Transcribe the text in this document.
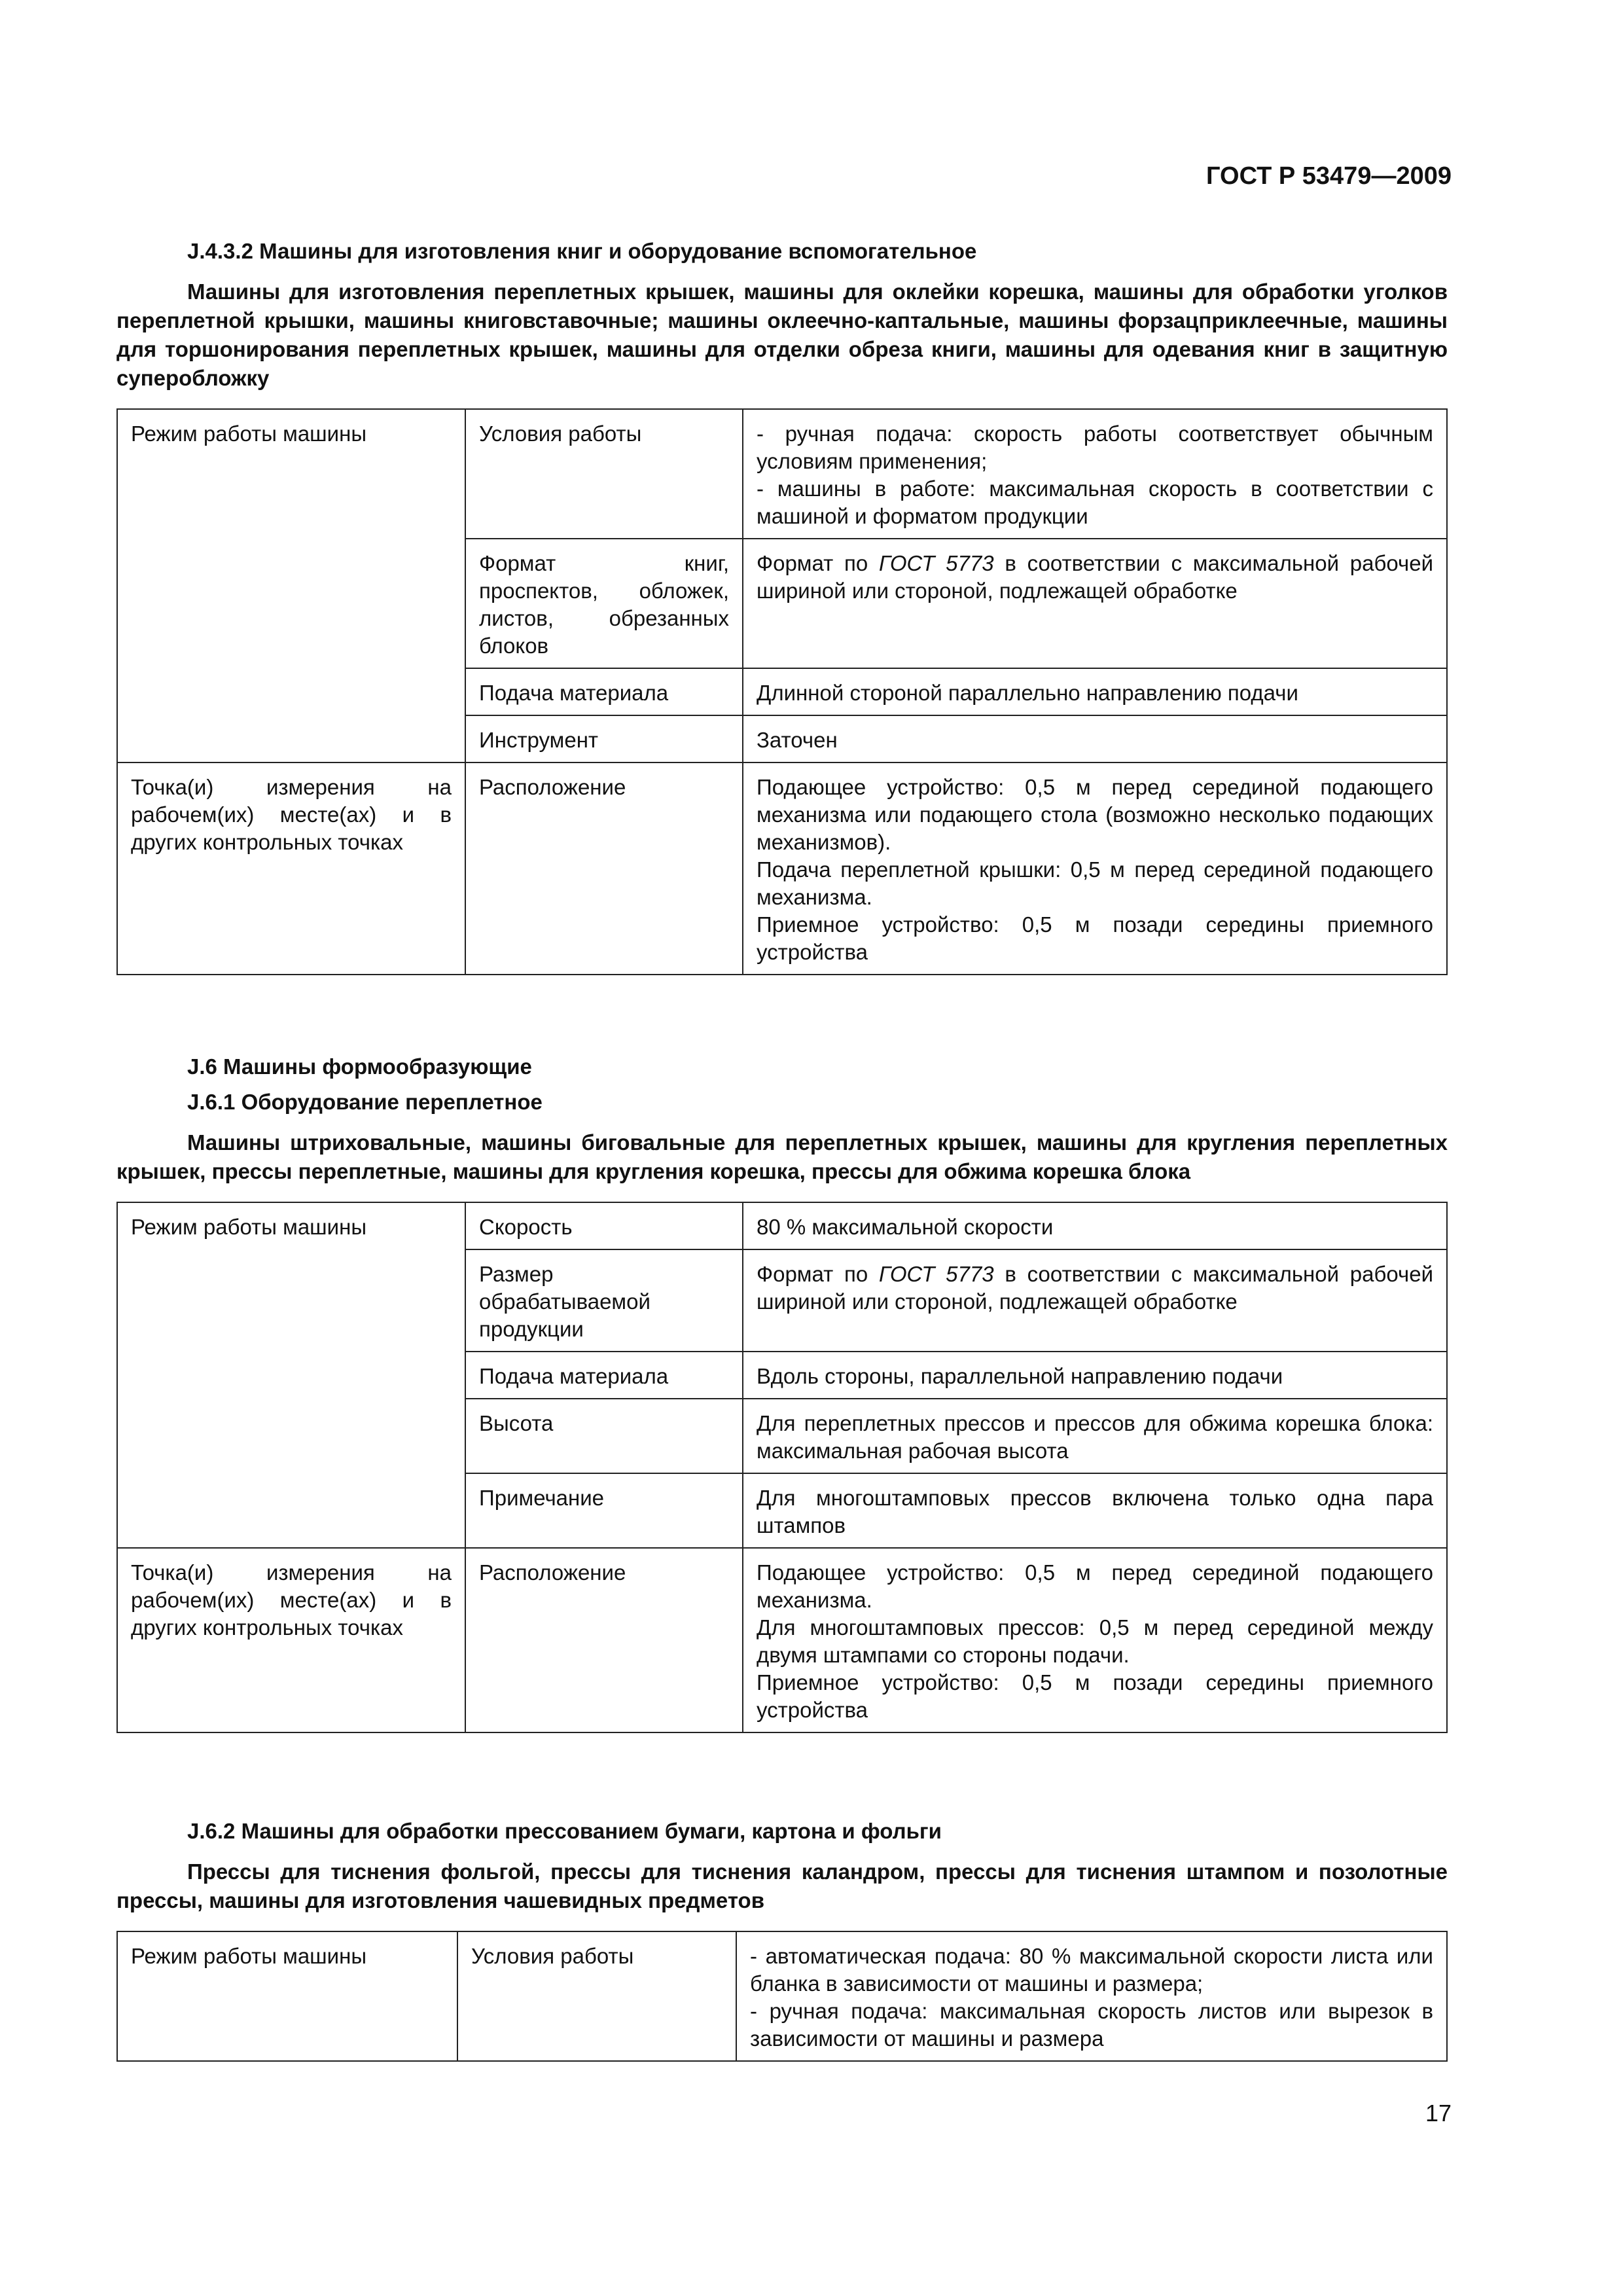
ГОСТ Р 53479—2009

J.4.3.2 Машины для изготовления книг и оборудование вспомогательное

Машины для изготовления переплетных крышек, машины для оклейки корешка, машины для обработки уголков переплетной крышки, машины книговставочные; машины оклеечно-каптальные, машины форзацприклеечные, машины для торшонирования переплетных крышек, машины для отделки обреза книги, машины для одевания книг в защитную суперобложку

Режим работы машины	Условия работы	- ручная подача: скорость работы соответствует обычным условиям применения;

- машины в работе: максимальная скорость в соответствии с машиной и форматом продукции

	Формат книг, проспектов, обложек, листов, обрезанных блоков	Формат по ГОСТ 5773 в соответствии с максимальной рабочей шириной или стороной, подлежащей обработке
	Подача материала	Длинной стороной параллельно направлению подачи
	Инструмент	Заточен
Точка(и) измерения на рабочем(их) месте(ах) и в других контрольных точках	Расположение	Подающее устройство: 0,5 м перед серединой подающего механизма или подающего стола (возможно несколько подающих механизмов).

Подача переплетной крышки: 0,5 м перед серединой подающего механизма.

Приемное устройство: 0,5 м позади середины приемного устройства

J.6 Машины формообразующие

J.6.1 Оборудование переплетное

Машины штриховальные, машины биговальные для переплетных крышек, машины для кругления переплетных крышек, прессы переплетные, машины для кругления корешка, прессы для обжима корешка блока

Режим работы машины	Скорость	80 % максимальной скорости
	Размер обрабатываемой продукции	Формат по ГОСТ 5773 в соответствии с максимальной рабочей шириной или стороной, подлежащей обработке
	Подача материала	Вдоль стороны, параллельной направлению подачи
	Высота	Для переплетных прессов и прессов для обжима корешка блока: максимальная рабочая высота
	Примечание	Для многоштамповых прессов включена только одна пара штампов
Точка(и) измерения на рабочем(их) месте(ах) и в других контрольных точках	Расположение	Подающее устройство: 0,5 м перед серединой подающего механизма.

Для многоштамповых прессов: 0,5 м перед серединой между двумя штампами со стороны подачи.

Приемное устройство: 0,5 м позади середины приемного устройства

J.6.2 Машины для обработки прессованием бумаги, картона и фольги

Прессы для тиснения фольгой, прессы для тиснения каландром, прессы для тиснения штампом и позолотные прессы, машины для изготовления чашевидных предметов

Режим работы машины	Условия работы	- автоматическая подача: 80 % максимальной скорости листа или бланка в зависимости от машины и размера;

- ручная подача: максимальная скорость листов или вырезок в зависимости от машины и размера

17
